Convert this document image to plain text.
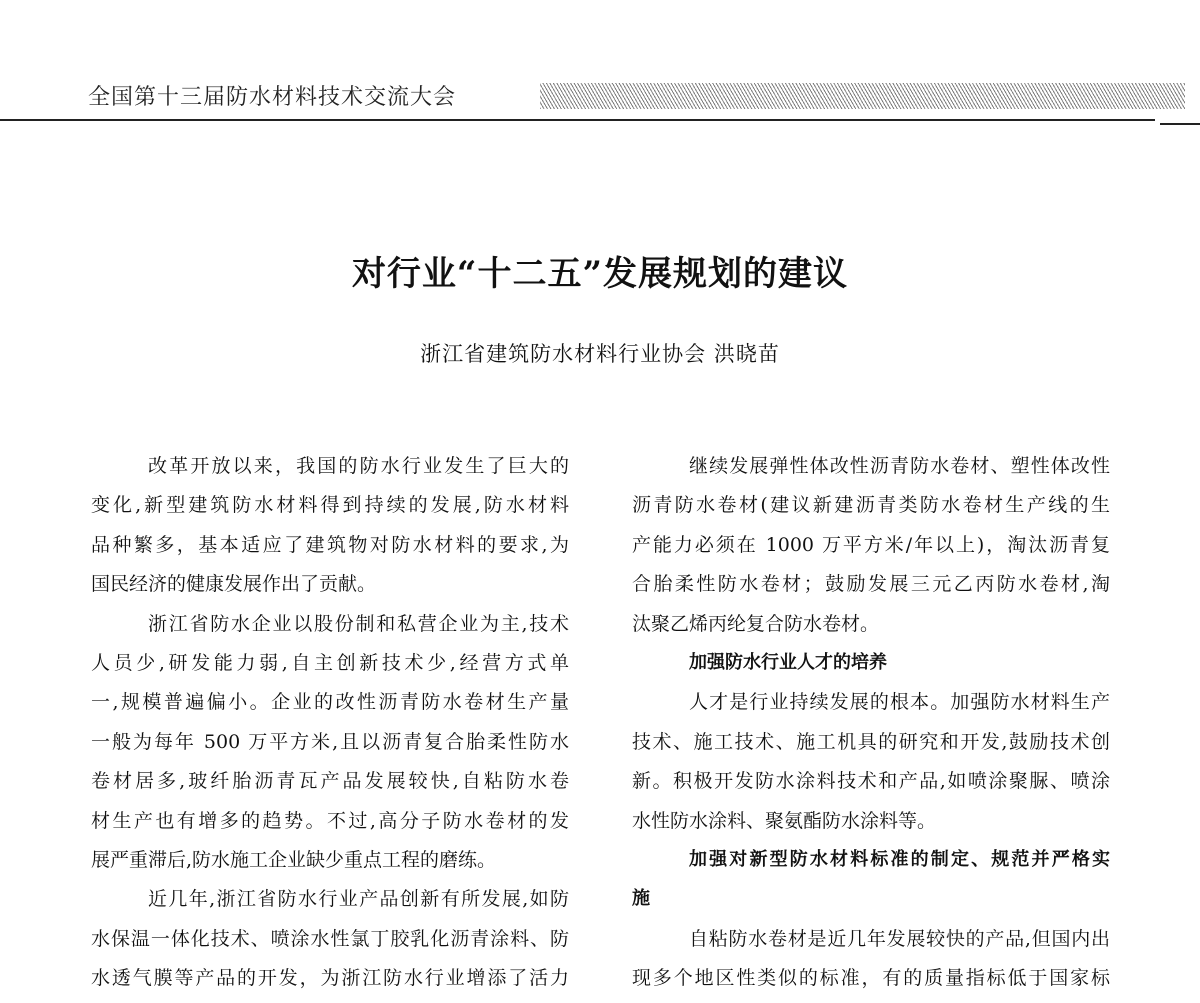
全国第十三届防水材料技术交流大会
对行业“十二五”发展规划的建议
浙江省建筑防水材料行业协会 洪晓苗
改革开放以来，我国的防水行业发生了巨大的
变化,新型建筑防水材料得到持续的发展,防水材料
品种繁多，基本适应了建筑物对防水材料的要求,为
国民经济的健康发展作出了贡献。
浙江省防水企业以股份制和私营企业为主,技术
人员少,研发能力弱,自主创新技术少,经营方式单
一,规模普遍偏小。企业的改性沥青防水卷材生产量
一般为每年 500 万平方米,且以沥青复合胎柔性防水
卷材居多,玻纤胎沥青瓦产品发展较快,自粘防水卷
材生产也有增多的趋势。不过,高分子防水卷材的发
展严重滞后,防水施工企业缺少重点工程的磨练。
近几年,浙江省防水行业产品创新有所发展,如防
水保温一体化技术、喷涂水性氯丁胶乳化沥青涂料、防
水透气膜等产品的开发，为浙江防水行业增添了活力
继续发展弹性体改性沥青防水卷材、塑性体改性
沥青防水卷材(建议新建沥青类防水卷材生产线的生
产能力必须在 1000 万平方米/年以上)，淘汰沥青复
合胎柔性防水卷材；鼓励发展三元乙丙防水卷材,淘
汰聚乙烯丙纶复合防水卷材。
加强防水行业人才的培养
人才是行业持续发展的根本。加强防水材料生产
技术、施工技术、施工机具的研究和开发,鼓励技术创
新。积极开发防水涂料技术和产品,如喷涂聚脲、喷涂
水性防水涂料、聚氨酯防水涂料等。
加强对新型防水材料标准的制定、规范并严格实
施
自粘防水卷材是近几年发展较快的产品,但国内出
现多个地区性类似的标准，有的质量指标低于国家标
